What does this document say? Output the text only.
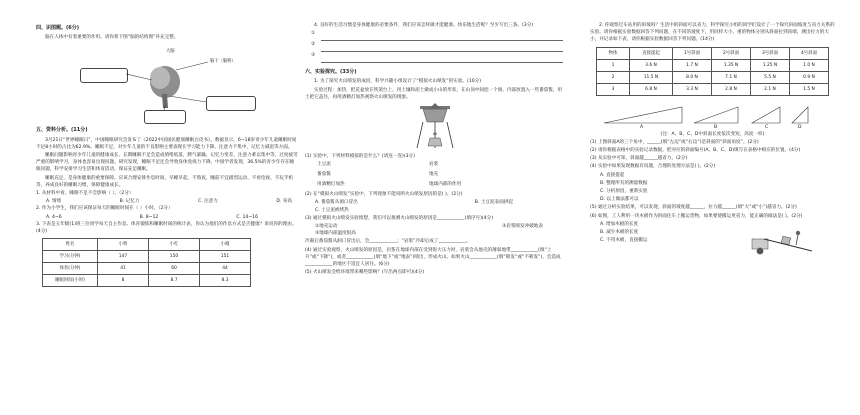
四、识图题。(6分)

脑在人体中有着重要的作用。请你将下图“脑的结构图”补充完整。

大脑
脑干（脑桥）
五、资料分析。(11分)

3月21日“世界睡眠日”，中国睡眠研究会发布了《2022中国国民健康睡眠白皮书》，数据显示，6~18岁青少年儿童睡眠时间不足8小时的占比为62.9%。睡眠不足，对少年儿童的不良影响主要表现在学习能力下降、注意力不集中、记忆力减退等方面。

睡眠问题影响青少年儿童的健康成长，长期睡眠不足会造成情绪低落，脾气暴躁，记忆力变差，注意力难以集中等，过度疲劳严重的影响学习，身体也容易出现问题。研究发现，睡眠不足还会导致身体免疫力下降，中国学者发现，36.5%的青少年存在睡眠问题，科学安排学习生活和体育活动，保证充足睡眠。

睡眠充足，是身体健康的重要保障。应该合理安排作息时间，早睡早起，不熬夜，睡前不宜剧烈运动、不看电视、不玩手机等，养成良好的睡眠习惯，保障健康成长。

1. 从材料中看，睡眠不足不会影响（ ）。（2分）

A. 情绪	B. 记忆力	C. 注意力	D. 身高

2. 作为小学生，我们应该保证每天的睡眠时间在（ ）小时。（2分）

A. 4~6	B. 8~12	C. 14~16

3. 下表是五年级(1)班三位同学每天自主作息、体育锻炼和睡眠时间的统计表，你认为他们的作息方式是否健康？说说你的理由。(4分)

姓名	小明	小红	小刚
学习(分钟)	147	150	151
体育(分钟)	41	60	44
睡眠时间(小时)	8	8.7	8.3

4. 良好的生活习惯是身体健康的必要条件，我们应该怎样做才能健康、快乐地生活呢？至少写出三条。(3分)

①
②
③
六、实验探究。(33分)

1. 为了探究火山喷发的成因，科学兴趣小组设计了“模拟火山喷发”的实验。(10分)

实验过程：加热，把花盆放在铁架台上，用土壤和泥土做成小山的形状，在山顶中间挖一个洞，内部放置入一些番茄酱，用土把它盖住，再用酒精灯加热观察火山喷发的现象。

(1) 实验中，下列材料模拟的是什么？(请连一连)(3分)

土豆泥
番茄酱
用酒精灯加热
岩浆
地壳
地球内部的作用

(2) 在“模拟火山喷发”实验中，下列现象不能说明火山喷发原因的是( )。(2分)

A. 番茄酱从洞口冒出	B. 土豆泥表面拱起

C. 土豆泥被烤热

(3) 通过模拟火山喷发实验推想，我们可以推测火山喷发的原因是____________(填序号)(4分)

①地壳运动	②岩浆喷发冲破地表

③地球内部温度很高

冷凝后番茄酱从洞口冒出后，会____________；“岩浆”冷却后成了____________。

(4) 通过实验观察，火山喷发的原因是，岩浆在地球内部在受到很大压力时，岩浆会从地壳的薄弱地带____________(填“上升”或“下降”)，或者____________(填“地下”或“地表”)喷出，形成火山。如果火山____________(填“喷发”或“不喷发”)，会造成____________的地区不适宜人居住。(6分)

(5) 火山喷发会给环境带来哪些影响？(写出两点即可)(4分)

2. 你观察过车站用的斜坡吗？生活中的斜面可以省力，科学探究小组的同学们设计了一个探究斜面坡度与省力关系的实验。请你根据实验数据回答下列问题，在不同的坡度下，用同样大小、重的物体分别从斜面拉到顶端，测出拉力的大小，并记录如下表，请你根据实验数据回答下列问题。(14分)

物体	直接提起	1号斜面	2号斜面	3号斜面	4号斜面
1	3.6 N	1.7 N	1.35 N	1.25 N	1.0 N
2	11.5 N	8.0 N	7.1 N	5.5 N	0.9 N
3	6.8 N	3.3 N	2.8 N	2.1 N	1.5 N
A	B	C	D

(注：A、B、C、D中斜面长度依次变短，高度一样)

(1) 上图斜面A的三个角中，______(填“左边”或“右边”)是斜面的“斜面角度”。(2分)

(2) 请你根据表格中的实验记录数据，把对应的斜面编号(A、B、C、D)填写在表格中相应的位置。(4分)

(3) 从实验中可知，斜面越______越省力。(2分)

(4) 实验中如果发现数据有问题，合理的处理方法是( )。(2分)

A. 直接提起

B. 整理所有的测量数据

C. 分析原因，重新实验

D. 以上做法都可以

(5) 通过分析实验结果，可以发现，斜面的坡度越______，拉力越______(填“大”或“小”)越省力。(2分)

(6) 如图，工人利用一块木板作为斜面往车上搬运货物，如果要使搬运更省力，能正确的做法是( )。(2分)

A. 增加木板的长度

B. 减少木板的长度

C. 不用木板，直接搬运
